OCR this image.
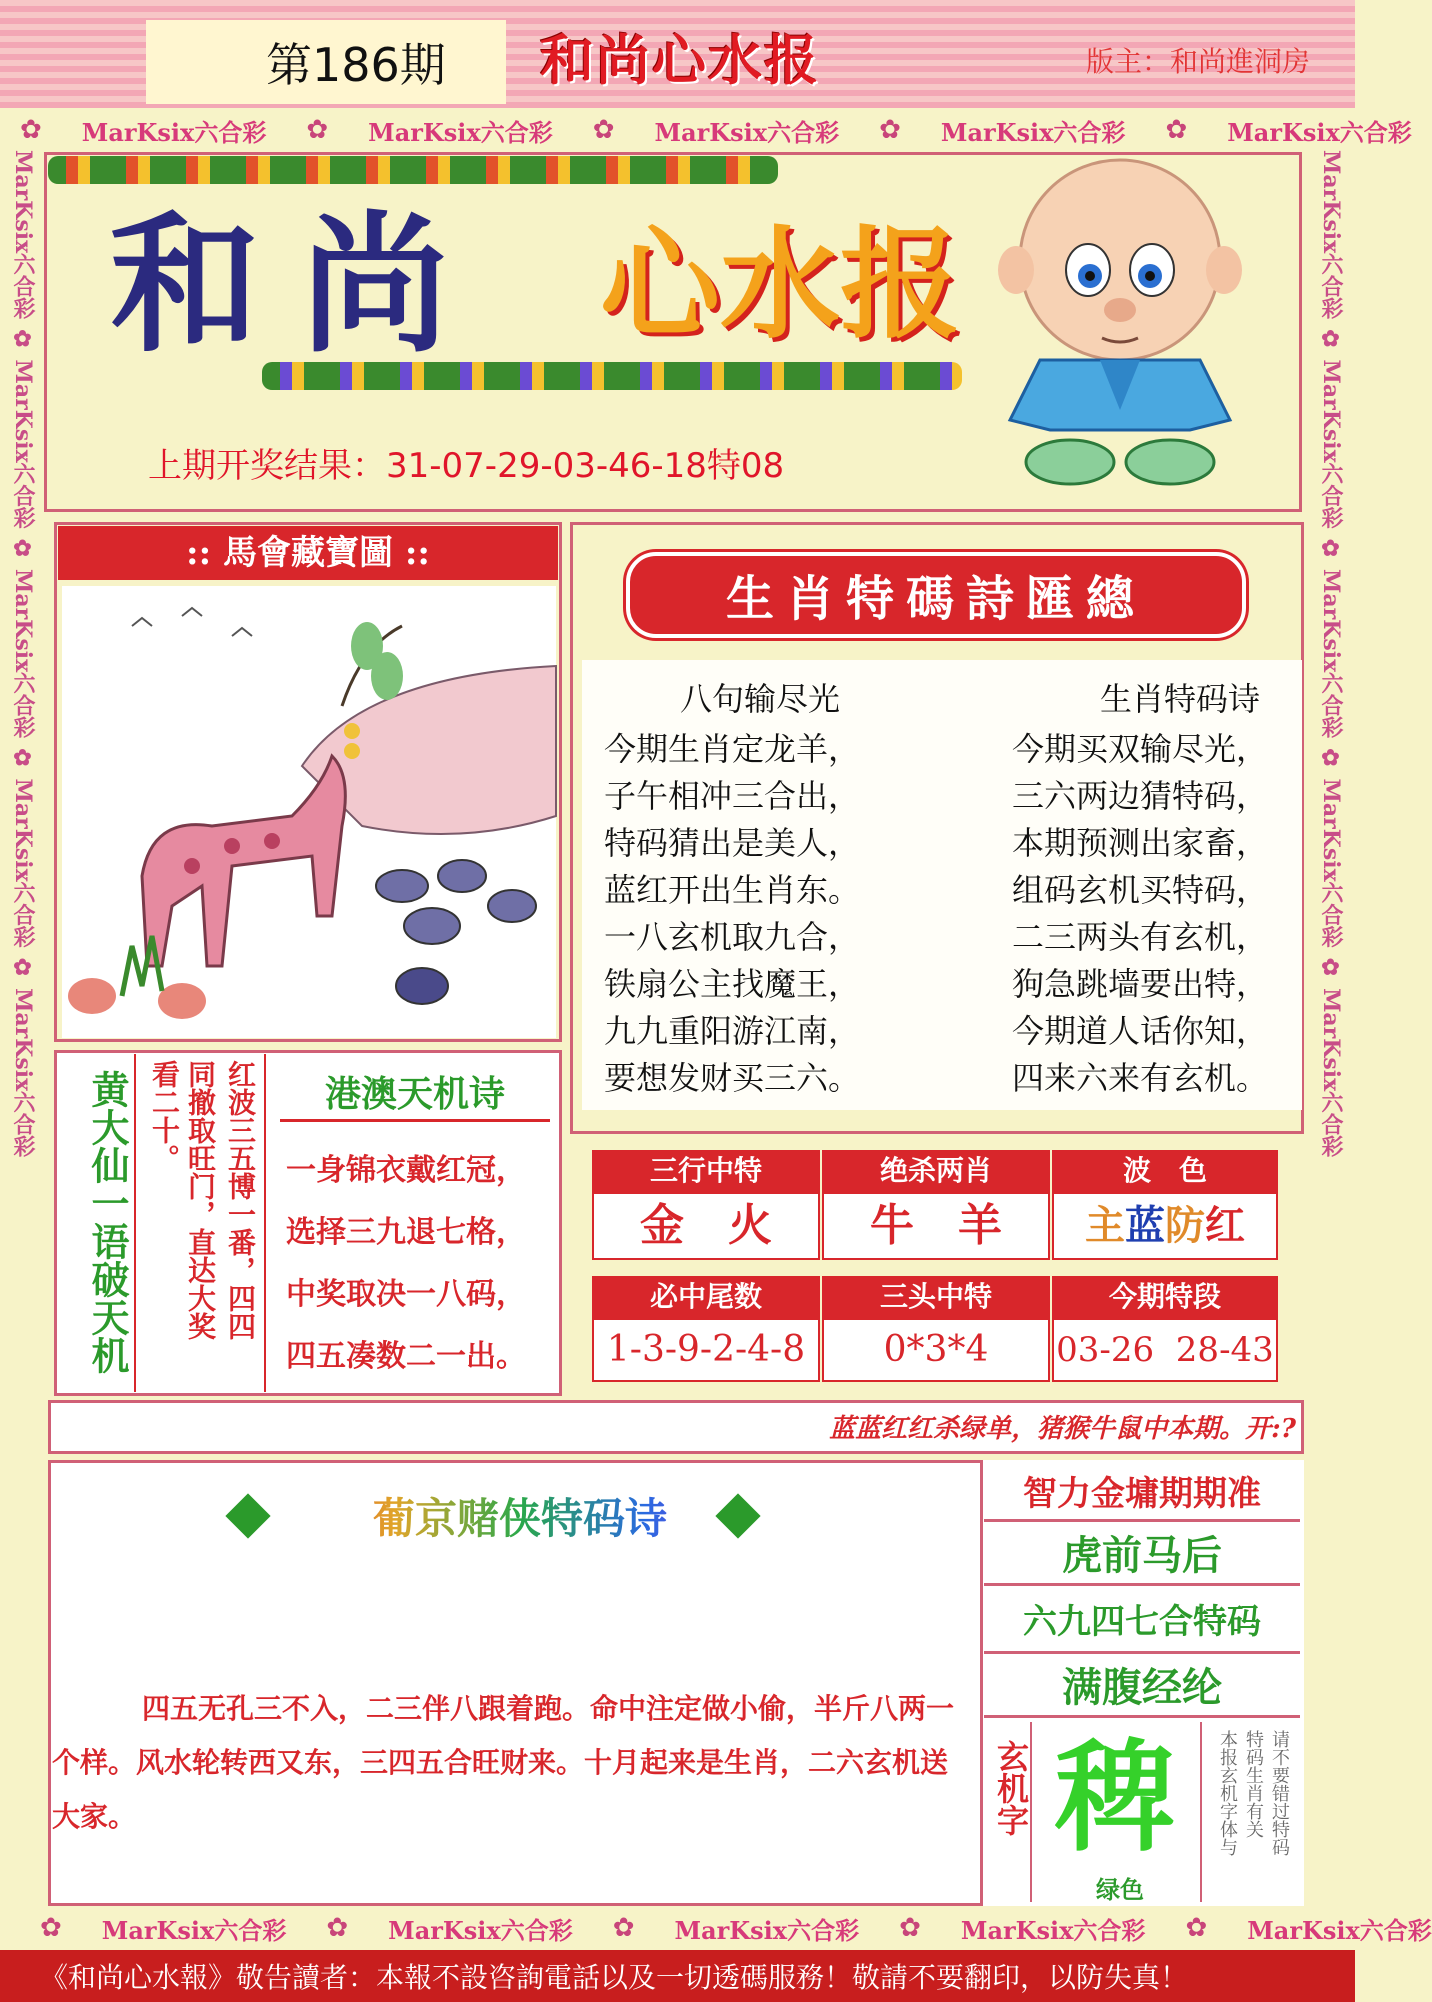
第186期	和尚心水报	版主：和尚進洞房
✿ MarKsix六合彩 ✿ MarKsix六合彩 ✿ MarKsix六合彩 ✿ MarKsix六合彩 ✿ MarKsix六合彩
✿ MarKsix六合彩 ✿ MarKsix六合彩 ✿ MarKsix六合彩 ✿ MarKsix六合彩 ✿ MarKsix六合彩
MarKsix六合彩 ✿ MarKsix六合彩 ✿ MarKsix六合彩 ✿ MarKsix六合彩 ✿ MarKsix六合彩
MarKsix六合彩 ✿ MarKsix六合彩 ✿ MarKsix六合彩 ✿ MarKsix六合彩 ✿ MarKsix六合彩
和尚 心水报
上期开奖结果：31-07-29-03-46-18特08
:: 馬會藏寶圖 ::
生肖特碼詩匯總
八句输尽光	生肖特码诗
今期生肖定龙羊，
子午相冲三合出，
特码猜出是美人，
蓝红开出生肖东。
一八玄机取九合，
铁扇公主找魔王，
九九重阳游江南，
要想发财买三六。
今期买双输尽光，
三六两边猜特码，
本期预测出家畜，
组码玄机买特码，
二三两头有玄机，
狗急跳墙要出特，
今期道人话你知，
四来六来有玄机。
黄大仙一语破天机	红波三五博一番，四四
同撤取旺门，直达大奖
看二十。	港澳天机诗
一身锦衣戴红冠，
选择三九退七格，
中奖取决一八码，
四五凑数二一出。
三行中特	绝杀两肖	波　色
金　火	牛　羊	主蓝防红
必中尾数	三头中特	今期特段
1-3-9-2-4-8	0*3*4	03-26  28-43
蓝蓝红红杀绿单，猪猴牛鼠中本期。开:?
葡京赌侠特码诗
四五无孔三不入，二三伴八跟着跑。命中注定做小偷，半斤八两一个样。风水轮转西又东，三四五合旺财来。十月起来是生肖，二六玄机送大家。
智力金墉期期准
虎前马后
六九四七合特码
满腹经纶
玄机字 稗
绿色
本报玄机字体与 特码生肖有关 请不要错过特码
《和尚心水報》敬告讀者：本報不設咨詢電話以及一切透碼服務！敬請不要翻印，以防失真！
